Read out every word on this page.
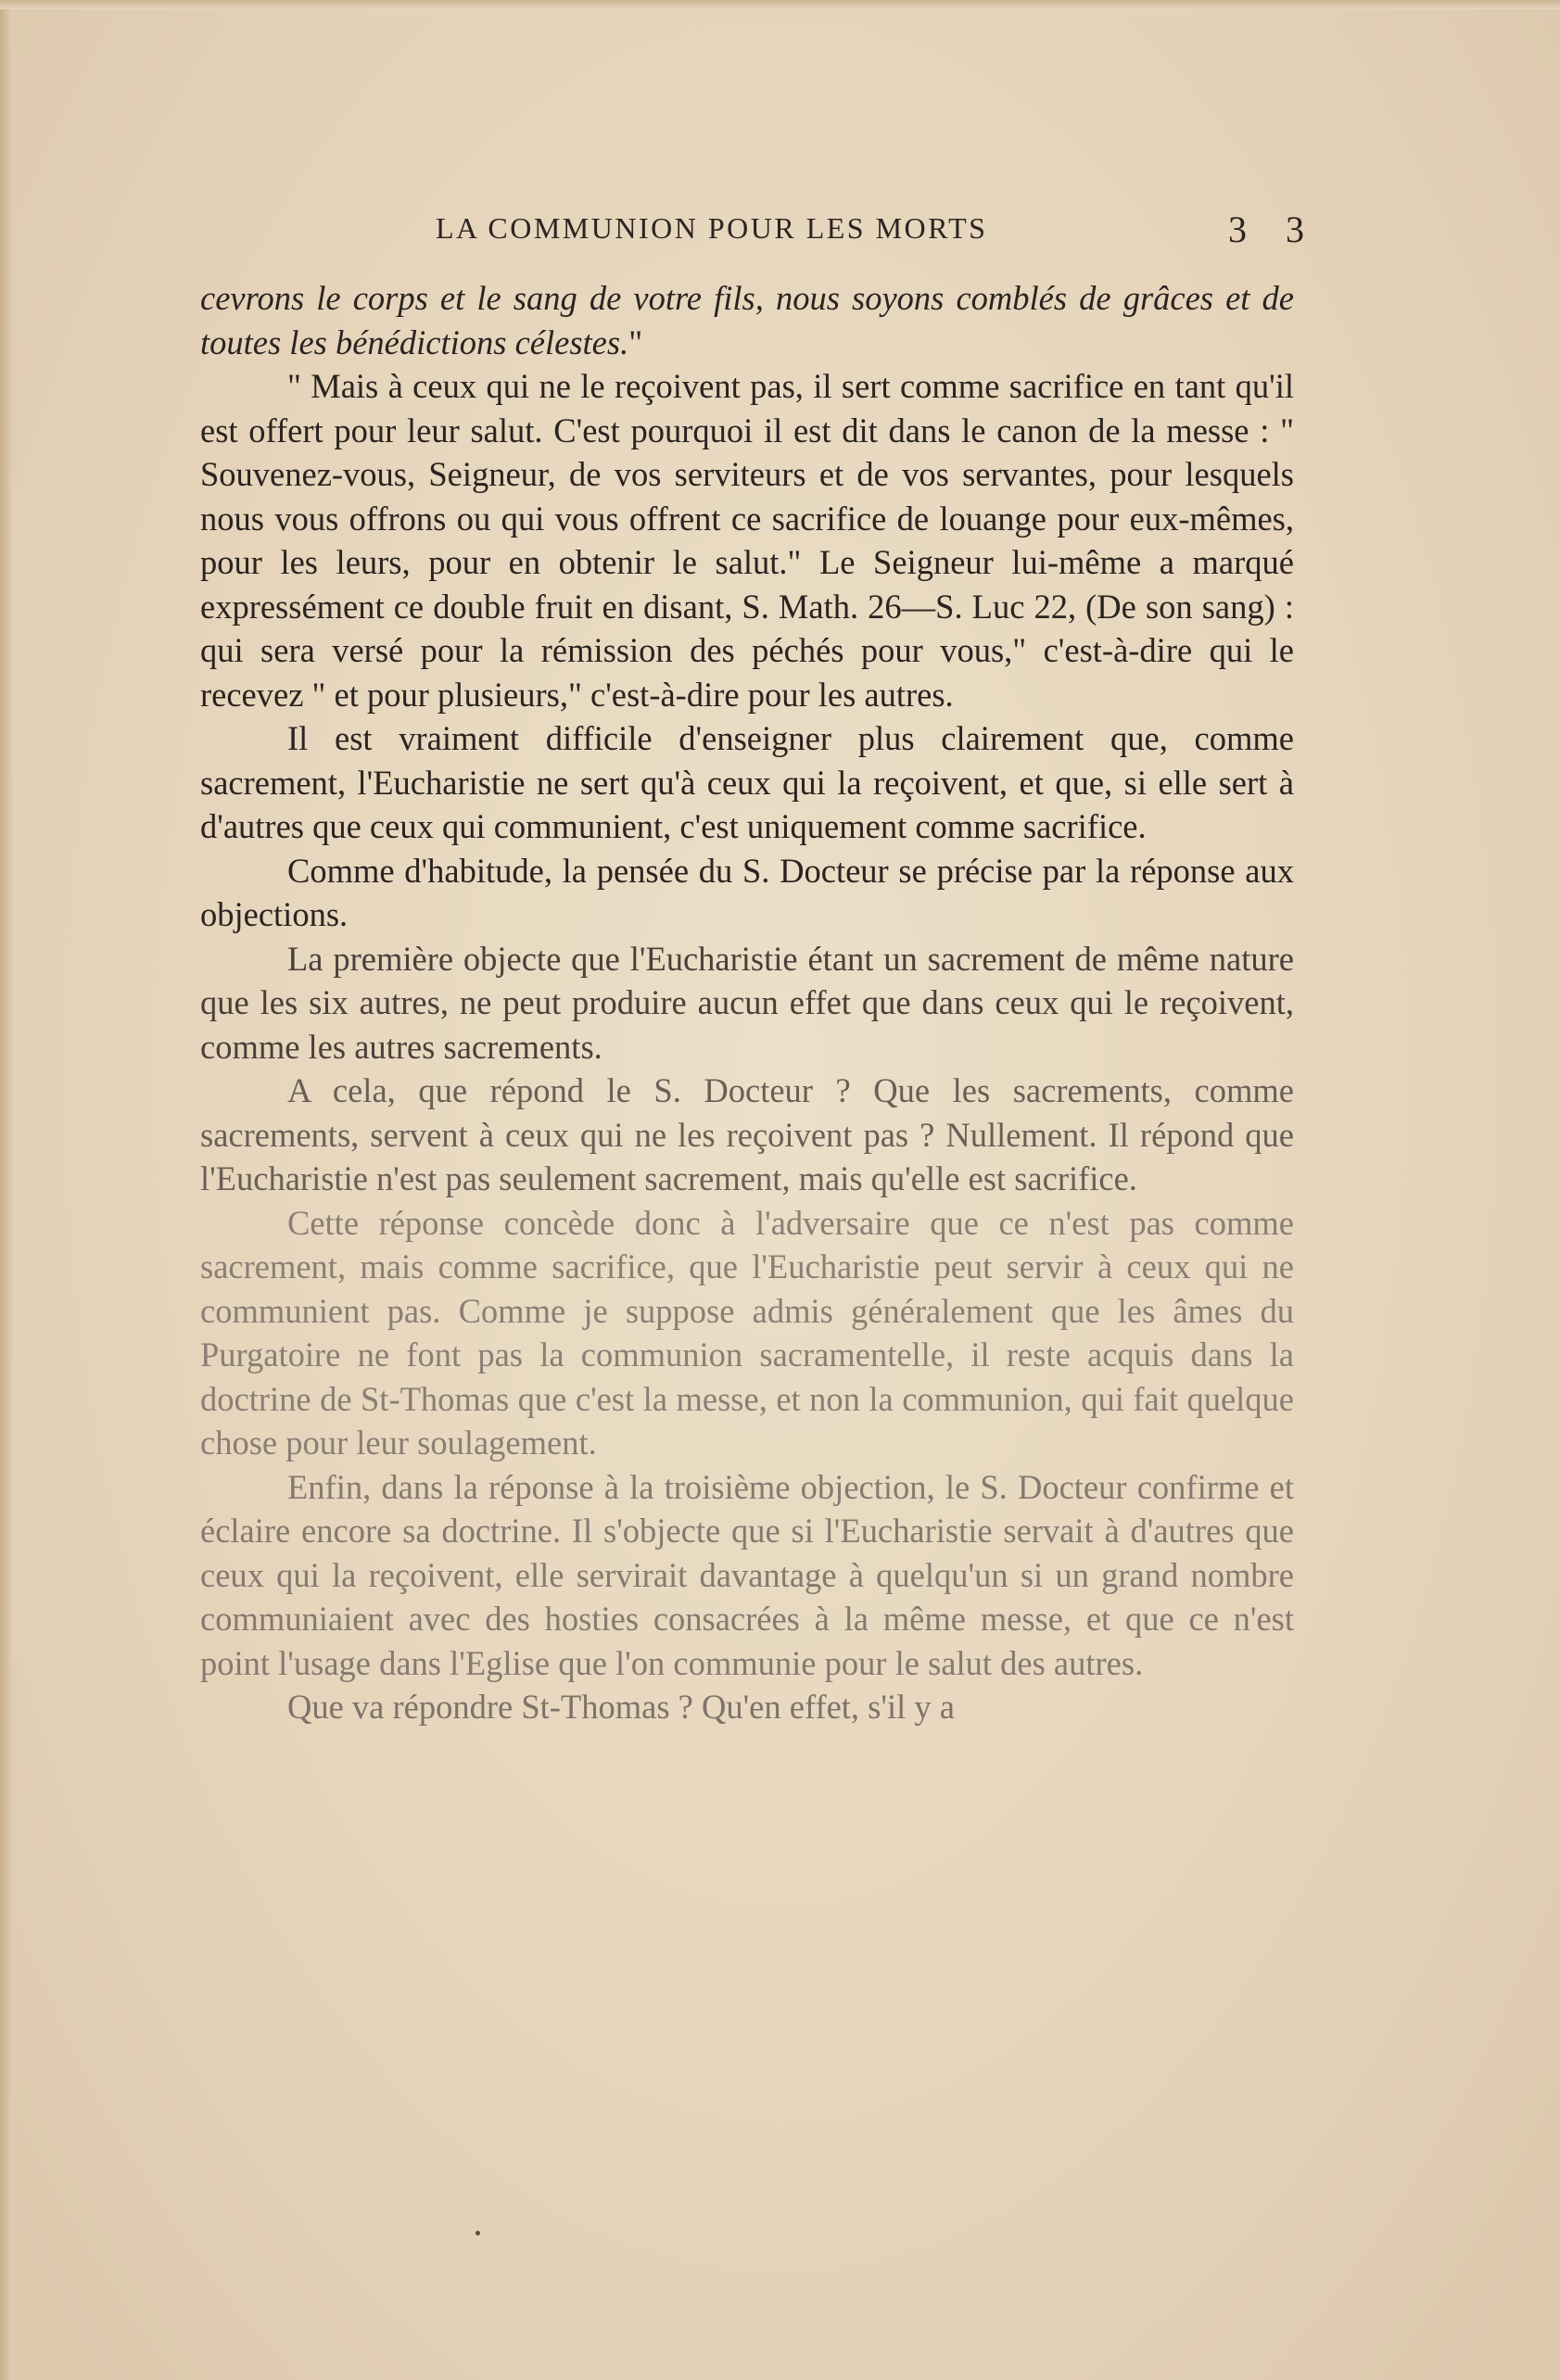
LA COMMUNION POUR LES MORTS	3 3

cevrons le corps et le sang de votre fils, nous soyons comblés de grâces et de toutes les bénédictions célestes."

" Mais à ceux qui ne le reçoivent pas, il sert comme sacrifice en tant qu'il est offert pour leur salut. C'est pourquoi il est dit dans le canon de la messe : " Souvenez-vous, Seigneur, de vos serviteurs et de vos servantes, pour lesquels nous vous offrons ou qui vous offrent ce sacrifice de louange pour eux-mêmes, pour les leurs, pour en obtenir le salut." Le Seigneur lui-même a marqué expressément ce double fruit en disant, S. Math. 26—S. Luc 22, (De son sang) : qui sera versé pour la rémission des péchés pour vous," c'est-à-dire qui le recevez " et pour plusieurs," c'est-à-dire pour les autres.

Il est vraiment difficile d'enseigner plus clairement que, comme sacrement, l'Eucharistie ne sert qu'à ceux qui la reçoivent, et que, si elle sert à d'autres que ceux qui communient, c'est uniquement comme sacrifice.

Comme d'habitude, la pensée du S. Docteur se précise par la réponse aux objections.

La première objecte que l'Eucharistie étant un sacrement de même nature que les six autres, ne peut produire aucun effet que dans ceux qui le reçoivent, comme les autres sacrements.

A cela, que répond le S. Docteur ? Que les sacrements, comme sacrements, servent à ceux qui ne les reçoivent pas ? Nullement. Il répond que l'Eucharistie n'est pas seulement sacrement, mais qu'elle est sacrifice.

Cette réponse concède donc à l'adversaire que ce n'est pas comme sacrement, mais comme sacrifice, que l'Eucharistie peut servir à ceux qui ne communient pas. Comme je suppose admis généralement que les âmes du Purgatoire ne font pas la communion sacramentelle, il reste acquis dans la doctrine de St-Thomas que c'est la messe, et non la communion, qui fait quelque chose pour leur soulagement.

Enfin, dans la réponse à la troisième objection, le S. Docteur confirme et éclaire encore sa doctrine. Il s'objecte que si l'Eucharistie servait à d'autres que ceux qui la reçoivent, elle servirait davantage à quelqu'un si un grand nombre communiaient avec des hosties consacrées à la même messe, et que ce n'est point l'usage dans l'Eglise que l'on communie pour le salut des autres.

Que va répondre St-Thomas ? Qu'en effet, s'il y a
